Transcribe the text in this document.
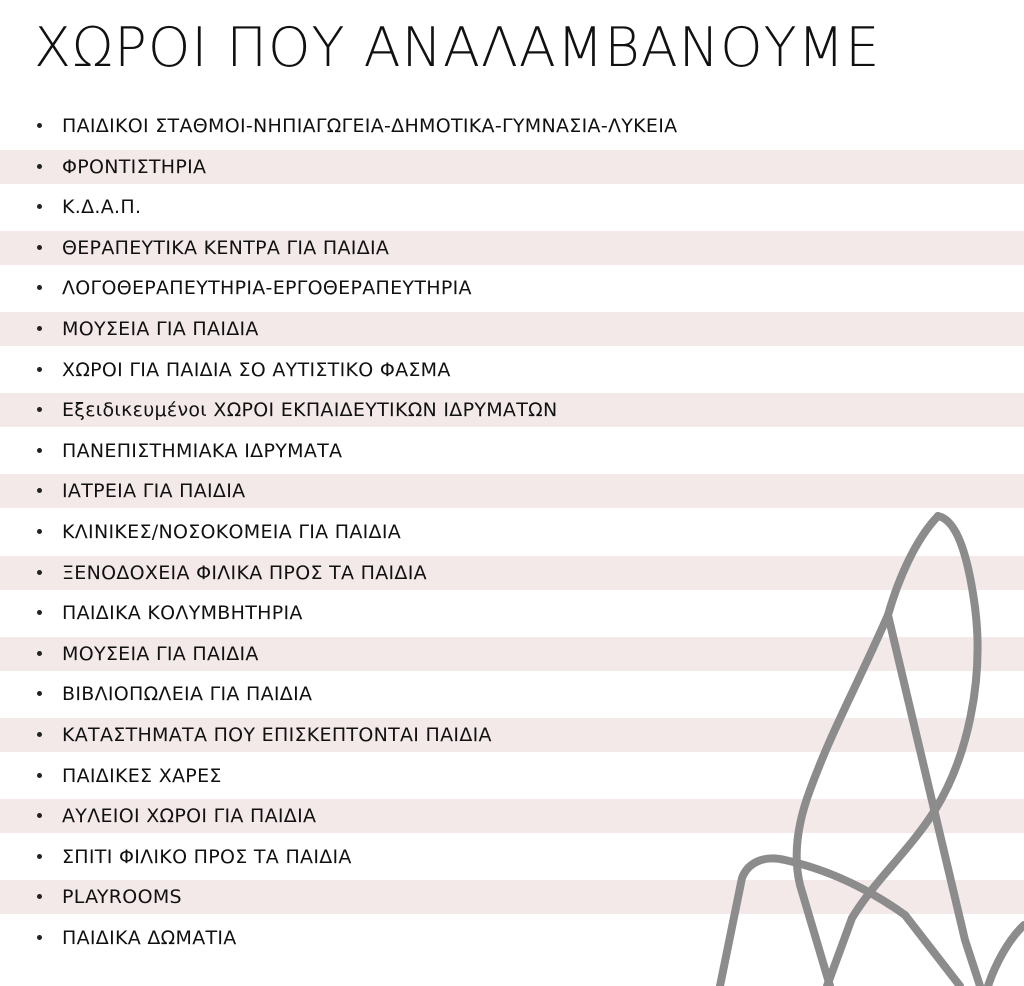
ΧΩΡΟΙ ΠΟΥ ΑΝΑΛΑΜΒΑΝΟΥΜΕ
ΠΑΙΔΙΚΟΙ ΣΤΑΘΜΟΙ-ΝΗΠΙΑΓΩΓΕΙΑ-ΔΗΜΟΤΙΚΑ-ΓΥΜΝΑΣΙΑ-ΛΥΚΕΙΑ
ΦΡΟΝΤΙΣΤΗΡΙΑ
Κ.Δ.Α.Π.
ΘΕΡΑΠΕΥΤΙΚΑ ΚΕΝΤΡΑ ΓΙΑ ΠΑΙΔΙΑ
ΛΟΓΟΘΕΡΑΠΕΥΤΗΡΙΑ-ΕΡΓΟΘΕΡΑΠΕΥΤΗΡΙΑ
ΜΟΥΣΕΙΑ ΓΙΑ ΠΑΙΔΙΑ
ΧΩΡΟΙ ΓΙΑ ΠΑΙΔΙΑ ΣΟ ΑΥΤΙΣΤΙΚΟ ΦΑΣΜΑ
Εξειδικευμένοι ΧΩΡΟΙ ΕΚΠΑΙΔΕΥΤΙΚΩΝ ΙΔΡΥΜΑΤΩΝ
ΠΑΝΕΠΙΣΤΗΜΙΑΚΑ ΙΔΡΥΜΑΤΑ
ΙΑΤΡΕΙΑ ΓΙΑ ΠΑΙΔΙΑ
ΚΛΙΝΙΚΕΣ/ΝΟΣΟΚΟΜΕΙΑ ΓΙΑ ΠΑΙΔΙΑ
ΞΕΝΟΔΟΧΕΙΑ ΦΙΛΙΚΑ ΠΡΟΣ ΤΑ ΠΑΙΔΙΑ
ΠΑΙΔΙΚΑ ΚΟΛΥΜΒΗΤΗΡΙΑ
ΜΟΥΣΕΙΑ ΓΙΑ ΠΑΙΔΙΑ
ΒΙΒΛΙΟΠΩΛΕΙΑ ΓΙΑ ΠΑΙΔΙΑ
ΚΑΤΑΣΤΗΜΑΤΑ ΠΟΥ ΕΠΙΣΚΕΠΤΟΝΤΑΙ ΠΑΙΔΙΑ
ΠΑΙΔΙΚΕΣ ΧΑΡΕΣ
ΑΥΛΕΙΟΙ ΧΩΡΟΙ ΓΙΑ ΠΑΙΔΙΑ
ΣΠΙΤΙ ΦΙΛΙΚΟ ΠΡΟΣ ΤΑ ΠΑΙΔΙΑ
PLAYROOMS
ΠΑΙΔΙΚΑ ΔΩΜΑΤΙΑ
